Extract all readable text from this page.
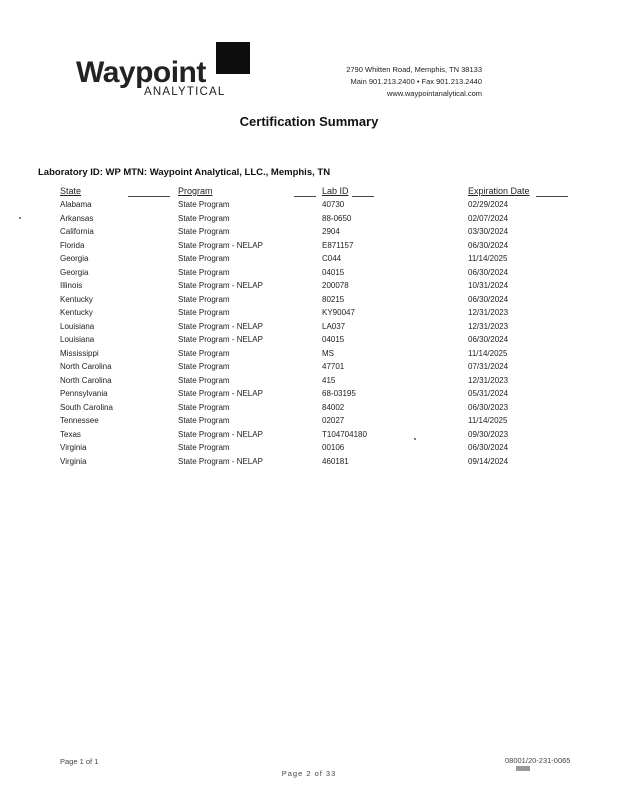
Waypoint
ANALYTICAL
2790 Whitten Road, Memphis, TN 38133
Main 901.213.2400 • Fax 901.213.2440
www.waypointanalytical.com
Certification Summary
Laboratory ID: WP MTN: Waypoint Analytical, LLC., Memphis, TN
State	Program	Lab ID	Expiration Date
Alabama	State Program	40730	02/29/2024
Arkansas	State Program	88-0650	02/07/2024
California	State Program	2904	03/30/2024
Florida	State Program - NELAP	E871157	06/30/2024
Georgia	State Program	C044	11/14/2025
Georgia	State Program	04015	06/30/2024
Illinois	State Program - NELAP	200078	10/31/2024
Kentucky	State Program	80215	06/30/2024
Kentucky	State Program	KY90047	12/31/2023
Louisiana	State Program - NELAP	LA037	12/31/2023
Louisiana	State Program - NELAP	04015	06/30/2024
Mississippi	State Program	MS	11/14/2025
North Carolina	State Program	47701	07/31/2024
North Carolina	State Program	415	12/31/2023
Pennsylvania	State Program - NELAP	68-03195	05/31/2024
South Carolina	State Program	84002	06/30/2023
Tennessee	State Program	02027	11/14/2025
Texas	State Program - NELAP	T104704180	09/30/2023
Virginia	State Program	00106	06/30/2024
Virginia	State Program - NELAP	460181	09/14/2024
Page 1 of 1	08001/20-231-0065
Page 2 of 33
